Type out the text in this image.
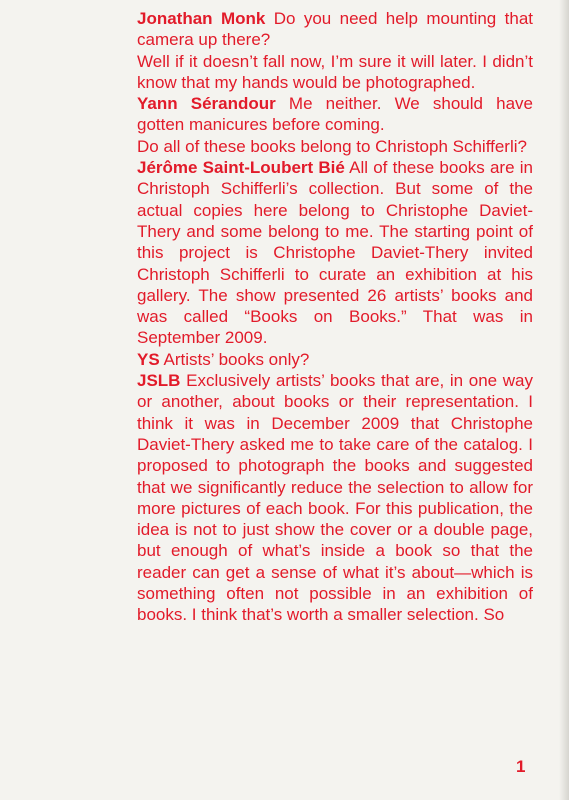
Jonathan Monk Do you need help mounting that camera up there?

Well if it doesn’t fall now, I’m sure it will later. I didn’t know that my hands would be photographed.

Yann Sérandour Me neither. We should have gotten manicures before coming.

Do all of these books belong to Christoph Schifferli?

Jérôme Saint-Loubert Bié All of these books are in Christoph Schifferli’s collection. But some of the actual copies here belong to Christophe Daviet-Thery and some belong to me. The starting point of this project is Christophe Daviet-Thery invited Christoph Schifferli to curate an exhibition at his gallery. The show presented 26 artists’ books and was called “Books on Books.” That was in September 2009.

YS Artists’ books only?

JSLB Exclusively artists’ books that are, in one way or another, about books or their representation. I think it was in December 2009 that Christophe Daviet-Thery asked me to take care of the catalog. I proposed to photograph the books and suggested that we significantly reduce the selection to allow for more pictures of each book. For this publication, the idea is not to just show the cover or a double page, but enough of what’s inside a book so that the reader can get a sense of what it’s about—which is something often not possible in an exhibition of books. I think that’s worth a smaller selection. So

1
